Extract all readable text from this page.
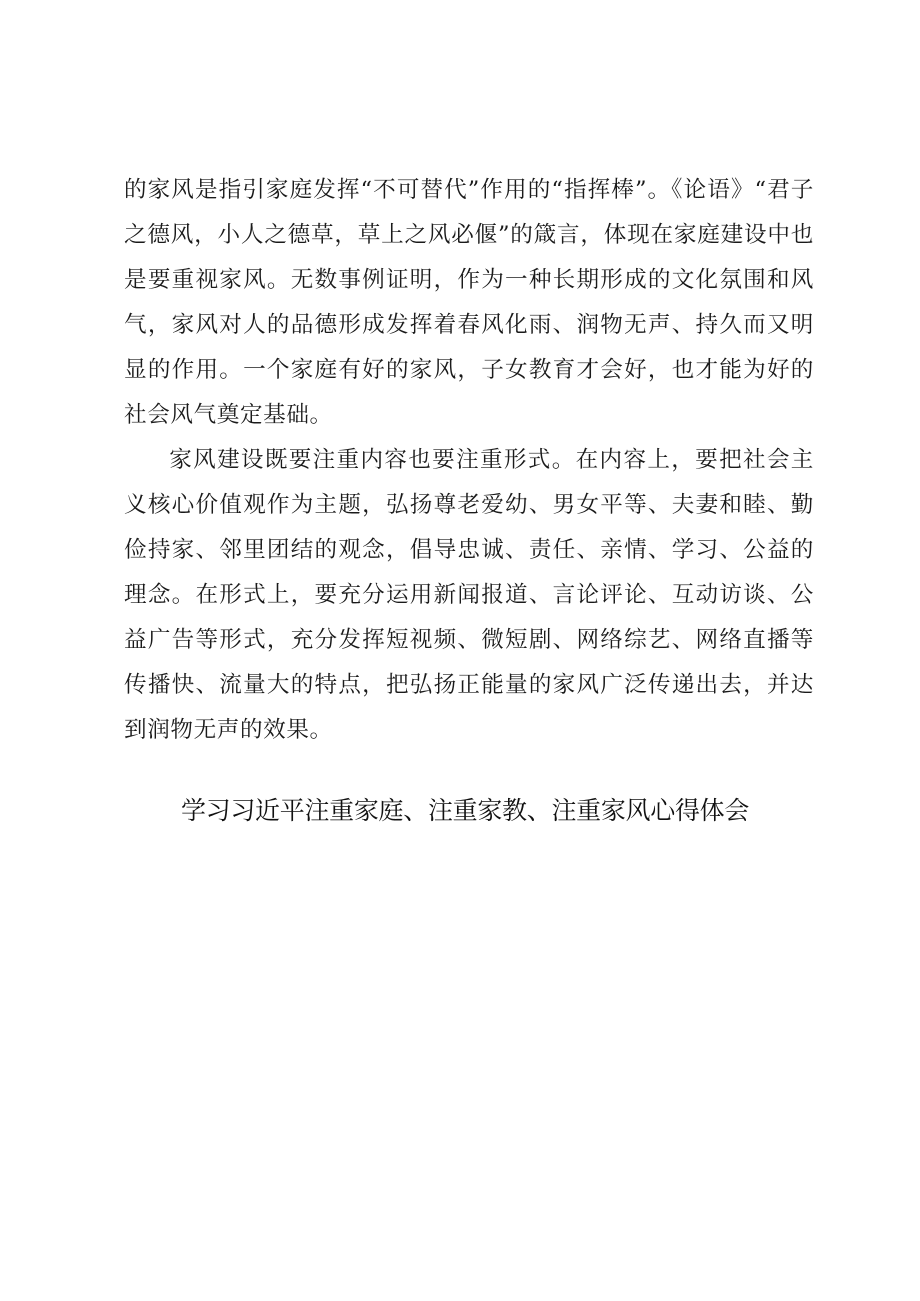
的家风是指引家庭发挥“不可替代”作用的“指挥棒”。《论语》“君子之德风，小人之德草，草上之风必偃”的箴言，体现在家庭建设中也是要重视家风。无数事例证明，作为一种长期形成的文化氛围和风气，家风对人的品德形成发挥着春风化雨、润物无声、持久而又明显的作用。一个家庭有好的家风，子女教育才会好，也才能为好的社会风气奠定基础。

家风建设既要注重内容也要注重形式。在内容上，要把社会主义核心价值观作为主题，弘扬尊老爱幼、男女平等、夫妻和睦、勤俭持家、邻里团结的观念，倡导忠诚、责任、亲情、学习、公益的理念。在形式上，要充分运用新闻报道、言论评论、互动访谈、公益广告等形式，充分发挥短视频、微短剧、网络综艺、网络直播等传播快、流量大的特点，把弘扬正能量的家风广泛传递出去，并达到润物无声的效果。

学习习近平注重家庭、注重家教、注重家风心得体会
